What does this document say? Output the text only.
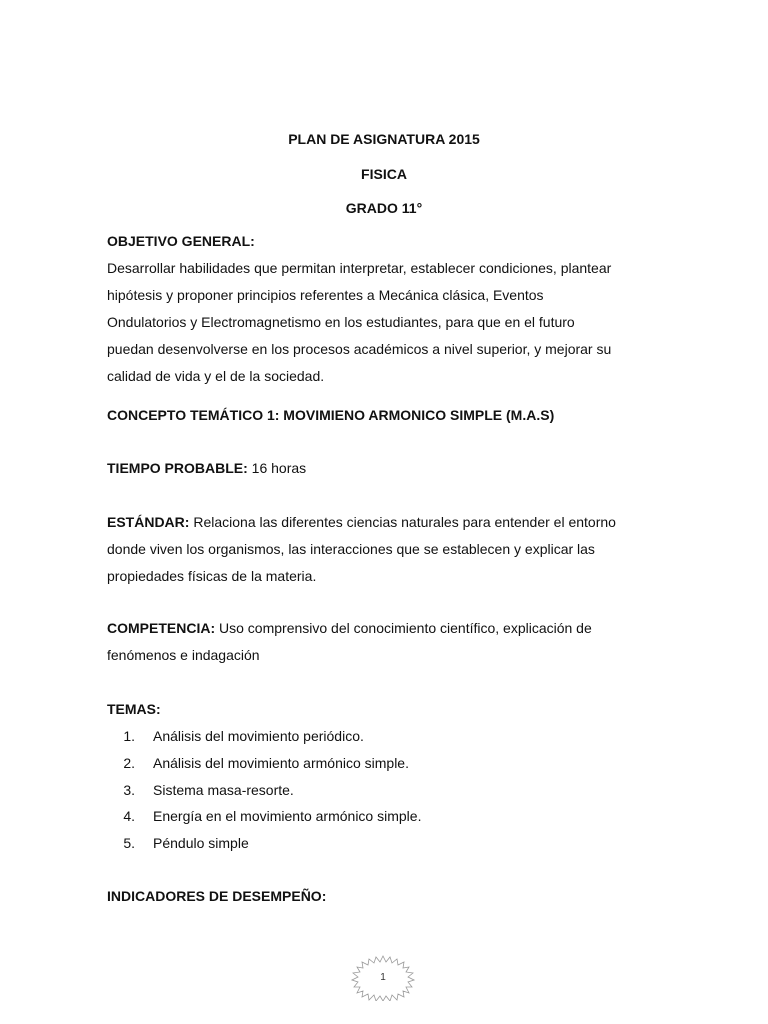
PLAN DE ASIGNATURA 2015
FISICA
GRADO 11°
OBJETIVO GENERAL:
Desarrollar habilidades que permitan interpretar, establecer condiciones, plantear
hipótesis y proponer principios referentes a Mecánica clásica, Eventos
Ondulatorios y Electromagnetismo en los estudiantes, para que en el futuro
puedan desenvolverse en los procesos académicos a nivel superior, y mejorar su
calidad de vida y el de la sociedad.
CONCEPTO TEMÁTICO 1: MOVIMIENO ARMONICO SIMPLE (M.A.S)
TIEMPO PROBABLE: 16 horas
ESTÁNDAR: Relaciona las diferentes ciencias naturales para entender el entorno
donde viven los organismos, las interacciones que se establecen y explicar las
propiedades físicas de la materia.
COMPETENCIA: Uso comprensivo del conocimiento científico, explicación de
fenómenos e indagación
TEMAS:
1. Análisis del movimiento periódico.
2. Análisis del movimiento armónico simple.
3. Sistema masa-resorte.
4. Energía en el movimiento armónico simple.
5. Péndulo simple
INDICADORES DE DESEMPEÑO:
1
